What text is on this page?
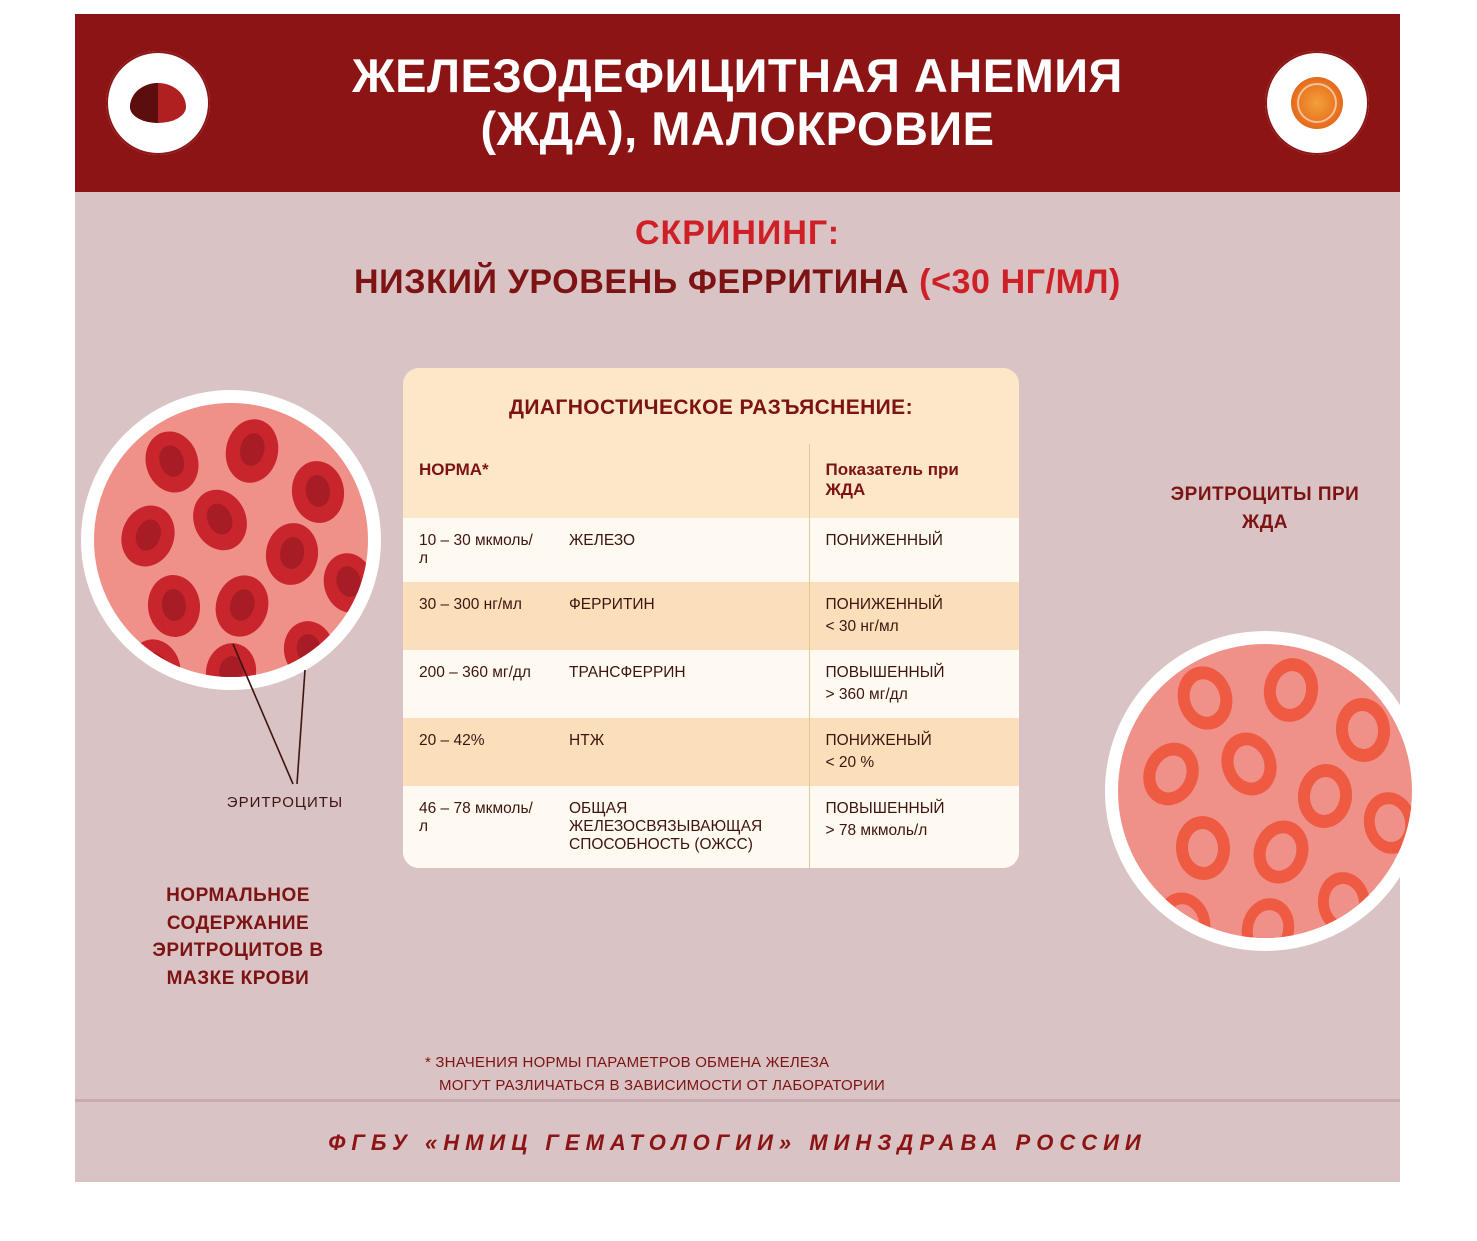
ЖЕЛЕЗОДЕФИЦИТНАЯ АНЕМИЯ
(ЖДА), МАЛОКРОВИЕ
СКРИНИНГ:
НИЗКИЙ УРОВЕНЬ ФЕРРИТИНА (<30 НГ/МЛ)
ЭРИТРОЦИТЫ
НОРМАЛЬНОЕ СОДЕРЖАНИЕ ЭРИТРОЦИТОВ В МАЗКЕ КРОВИ
ЭРИТРОЦИТЫ ПРИ ЖДА
ДИАГНОСТИЧЕСКОЕ РАЗЪЯСНЕНИЕ:
НОРМА*		Показатель при ЖДА
10 – 30 мкмоль/л	ЖЕЛЕЗО	ПОНИЖЕННЫЙ

30 – 300 нг/мл	ФЕРРИТИН	ПОНИЖЕННЫЙ
< 30 нг/мл

200 – 360 мг/дл	ТРАНСФЕРРИН	ПОВЫШЕННЫЙ
> 360 мг/дл

20 – 42%	НТЖ	ПОНИЖЕНЫЙ
< 20 %

46 – 78 мкмоль/л	ОБЩАЯ ЖЕЛЕЗОСВЯЗЫВАЮЩАЯ СПОСОБНОСТЬ (ОЖСС)	ПОВЫШЕННЫЙ
> 78 мкмоль/л
* ЗНАЧЕНИЯ НОРМЫ ПАРАМЕТРОВ ОБМЕНА ЖЕЛЕЗА
МОГУТ РАЗЛИЧАТЬСЯ В ЗАВИСИМОСТИ ОТ ЛАБОРАТОРИИ
ФГБУ «НМИЦ ГЕМАТОЛОГИИ» МИНЗДРАВА РОССИИ
